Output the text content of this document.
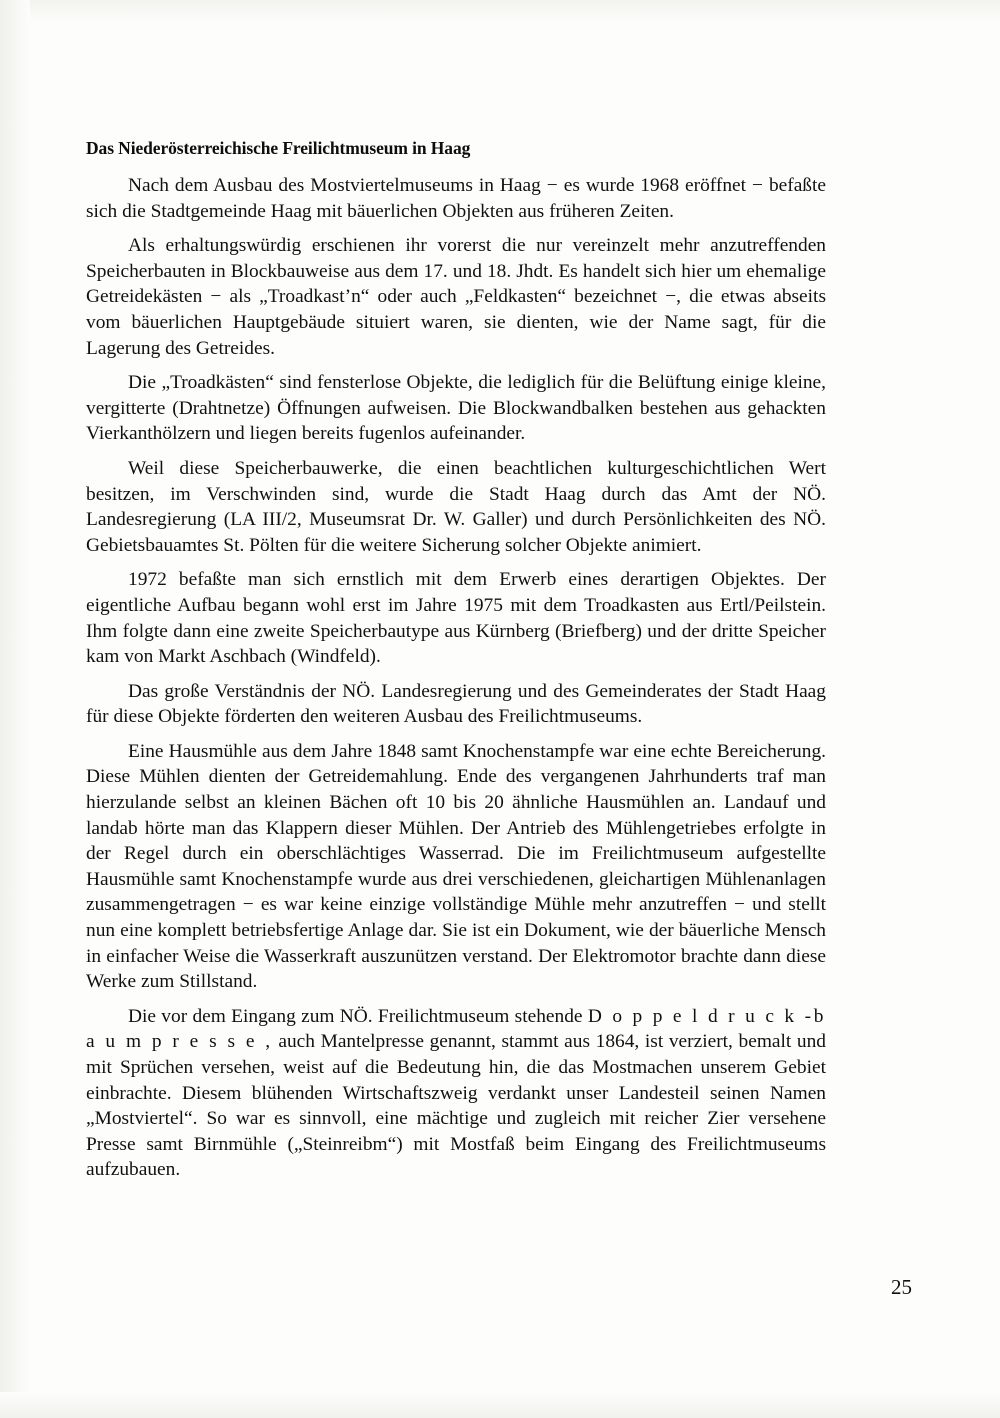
Das Niederösterreichische Freilichtmuseum in Haag

Nach dem Ausbau des Mostviertelmuseums in Haag − es wurde 1968 eröffnet − befaßte sich die Stadtgemeinde Haag mit bäuerlichen Objekten aus früheren Zeiten.

Als erhaltungswürdig erschienen ihr vorerst die nur vereinzelt mehr anzutreffenden Speicherbauten in Blockbauweise aus dem 17. und 18. Jhdt. Es handelt sich hier um ehemalige Getreidekästen − als „Troadkast’n“ oder auch „Feldkasten“ bezeichnet −, die etwas abseits vom bäuerlichen Hauptgebäude situiert waren, sie dienten, wie der Name sagt, für die Lagerung des Getreides.

Die „Troadkästen“ sind fensterlose Objekte, die lediglich für die Belüftung einige kleine, vergitterte (Drahtnetze) Öffnungen aufweisen. Die Blockwandbalken bestehen aus gehackten Vierkanthölzern und liegen bereits fugenlos aufeinander.

Weil diese Speicherbauwerke, die einen beachtlichen kulturgeschichtlichen Wert besitzen, im Verschwinden sind, wurde die Stadt Haag durch das Amt der NÖ. Landesregierung (LA III/2, Museumsrat Dr. W. Galler) und durch Persönlichkeiten des NÖ. Gebietsbauamtes St. Pölten für die weitere Sicherung solcher Objekte animiert.

1972 befaßte man sich ernstlich mit dem Erwerb eines derartigen Objektes. Der eigentliche Aufbau begann wohl erst im Jahre 1975 mit dem Troadkasten aus Ertl/Peilstein. Ihm folgte dann eine zweite Speicherbautype aus Kürnberg (Briefberg) und der dritte Speicher kam von Markt Aschbach (Windfeld).

Das große Verständnis der NÖ. Landesregierung und des Gemeinderates der Stadt Haag für diese Objekte förderten den weiteren Ausbau des Freilichtmuseums.

Eine Hausmühle aus dem Jahre 1848 samt Knochenstampfe war eine echte Bereicherung. Diese Mühlen dienten der Getreidemahlung. Ende des vergangenen Jahrhunderts traf man hierzulande selbst an kleinen Bächen oft 10 bis 20 ähnliche Hausmühlen an. Landauf und landab hörte man das Klappern dieser Mühlen. Der Antrieb des Mühlengetriebes erfolgte in der Regel durch ein oberschlächtiges Wasserrad. Die im Freilichtmuseum aufgestellte Hausmühle samt Knochenstampfe wurde aus drei verschiedenen, gleichartigen Mühlenanlagen zusammengetragen − es war keine einzige vollständige Mühle mehr anzutreffen − und stellt nun eine komplett betriebsfertige Anlage dar. Sie ist ein Dokument, wie der bäuerliche Mensch in einfacher Weise die Wasserkraft auszunützen verstand. Der Elektromotor brachte dann diese Werke zum Stillstand.

Die vor dem Eingang zum NÖ. Freilichtmuseum stehende D o p p e l d r u c k -b a u m p r e s s e , auch Mantelpresse genannt, stammt aus 1864, ist verziert, bemalt und mit Sprüchen versehen, weist auf die Bedeutung hin, die das Mostmachen unserem Gebiet einbrachte. Diesem blühenden Wirtschaftszweig verdankt unser Landesteil seinen Namen „Mostviertel“. So war es sinnvoll, eine mächtige und zugleich mit reicher Zier versehene Presse samt Birnmühle („Steinreibm“) mit Mostfaß beim Eingang des Freilichtmuseums aufzubauen.

25
